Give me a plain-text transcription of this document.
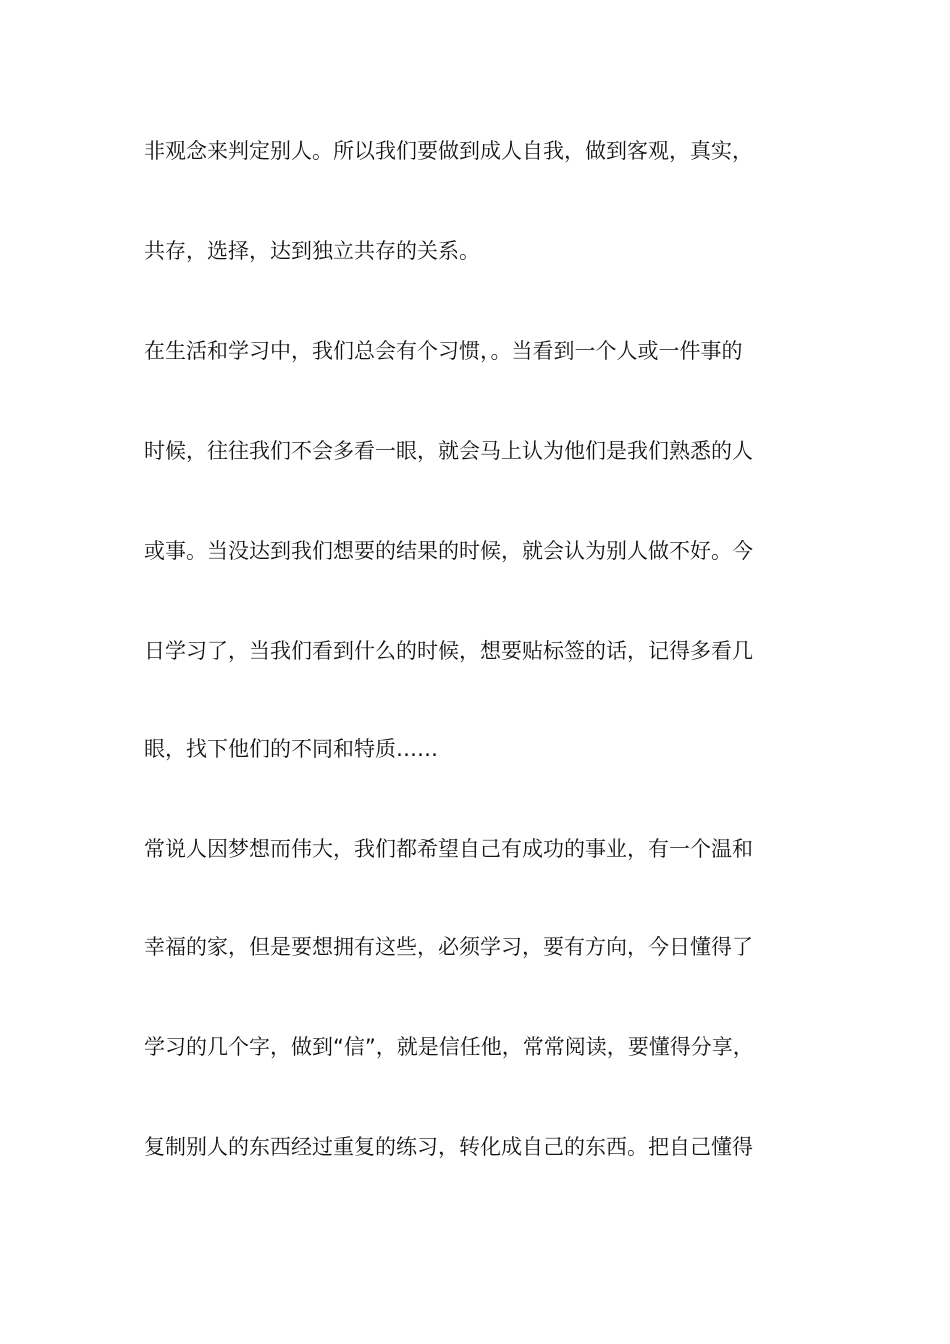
非观念来判定别人。所以我们要做到成人自我，做到客观，真实，
共存，选择，达到独立共存的关系。
在生活和学习中，我们总会有个习惯，。当看到一个人或一件事的
时候，往往我们不会多看一眼，就会马上认为他们是我们熟悉的人
或事。当没达到我们想要的结果的时候，就会认为别人做不好。今
日学习了，当我们看到什么的时候，想要贴标签的话，记得多看几
眼，找下他们的不同和特质……
常说人因梦想而伟大，我们都希望自己有成功的事业，有一个温和
幸福的家，但是要想拥有这些，必须学习，要有方向，今日懂得了
学习的几个字，做到“信”，就是信任他，常常阅读，要懂得分享，
复制别人的东西经过重复的练习，转化成自己的东西。把自己懂得
